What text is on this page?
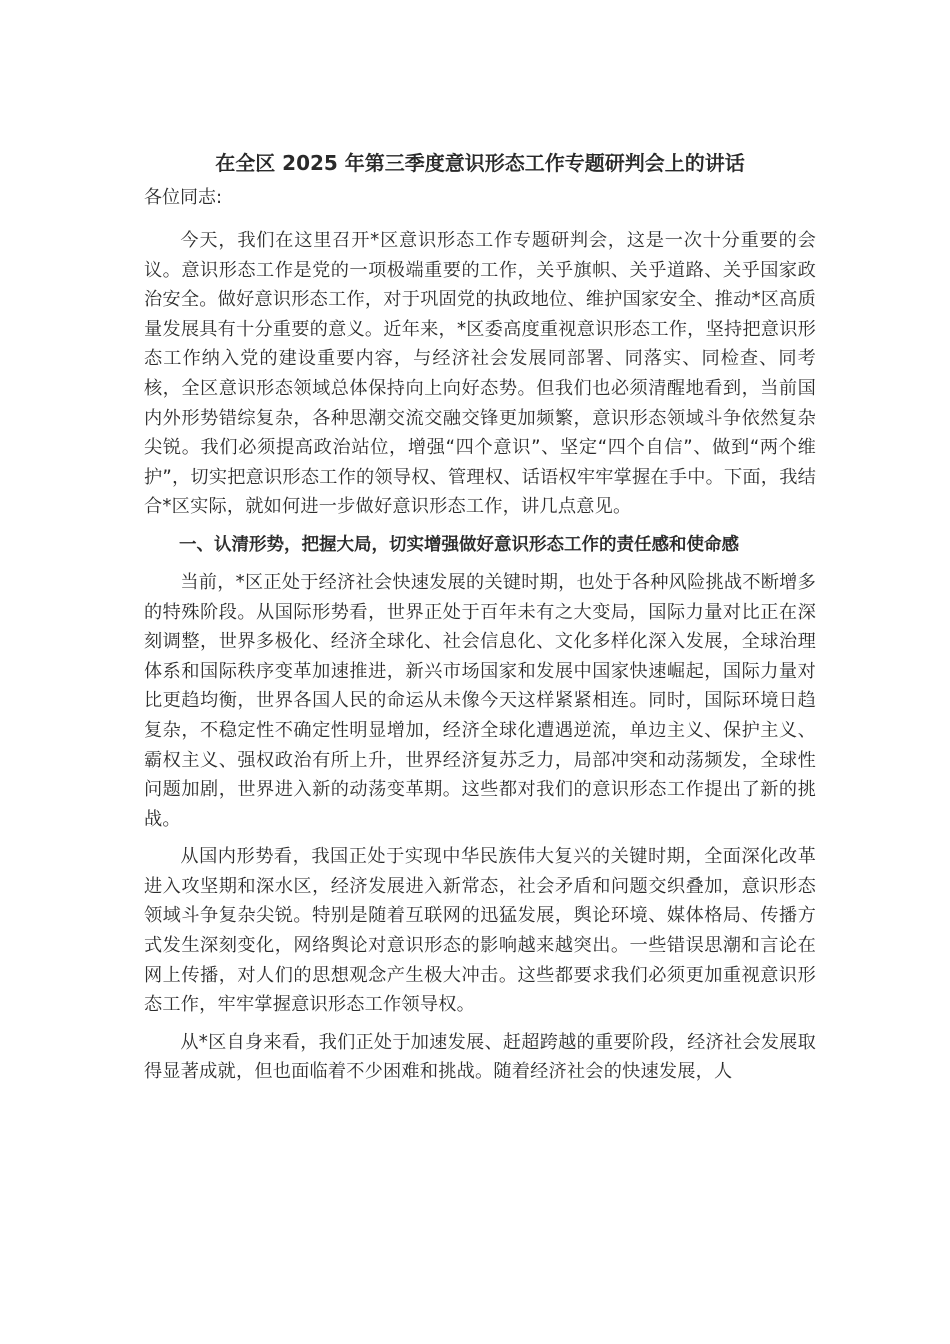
在全区 2025 年第三季度意识形态工作专题研判会上的讲话

各位同志:

今天，我们在这里召开*区意识形态工作专题研判会，这是一次十分重要的会议。意识形态工作是党的一项极端重要的工作，关乎旗帜、关乎道路、关乎国家政治安全。做好意识形态工作，对于巩固党的执政地位、维护国家安全、推动*区高质量发展具有十分重要的意义。近年来，*区委高度重视意识形态工作，坚持把意识形态工作纳入党的建设重要内容，与经济社会发展同部署、同落实、同检查、同考核，全区意识形态领域总体保持向上向好态势。但我们也必须清醒地看到，当前国内外形势错综复杂，各种思潮交流交融交锋更加频繁，意识形态领域斗争依然复杂尖锐。我们必须提高政治站位，增强“四个意识”、坚定“四个自信”、做到“两个维护”，切实把意识形态工作的领导权、管理权、话语权牢牢掌握在手中。下面，我结合*区实际，就如何进一步做好意识形态工作，讲几点意见。

一、认清形势，把握大局，切实增强做好意识形态工作的责任感和使命感

当前，*区正处于经济社会快速发展的关键时期，也处于各种风险挑战不断增多的特殊阶段。从国际形势看，世界正处于百年未有之大变局，国际力量对比正在深刻调整，世界多极化、经济全球化、社会信息化、文化多样化深入发展，全球治理体系和国际秩序变革加速推进，新兴市场国家和发展中国家快速崛起，国际力量对比更趋均衡，世界各国人民的命运从未像今天这样紧紧相连。同时，国际环境日趋复杂，不稳定性不确定性明显增加，经济全球化遭遇逆流，单边主义、保护主义、霸权主义、强权政治有所上升，世界经济复苏乏力，局部冲突和动荡频发，全球性问题加剧，世界进入新的动荡变革期。这些都对我们的意识形态工作提出了新的挑战。

从国内形势看，我国正处于实现中华民族伟大复兴的关键时期，全面深化改革进入攻坚期和深水区，经济发展进入新常态，社会矛盾和问题交织叠加，意识形态领域斗争复杂尖锐。特别是随着互联网的迅猛发展，舆论环境、媒体格局、传播方式发生深刻变化，网络舆论对意识形态的影响越来越突出。一些错误思潮和言论在网上传播，对人们的思想观念产生极大冲击。这些都要求我们必须更加重视意识形态工作，牢牢掌握意识形态工作领导权。

从*区自身来看，我们正处于加速发展、赶超跨越的重要阶段，经济社会发展取得显著成就，但也面临着不少困难和挑战。随着经济社会的快速发展，人
